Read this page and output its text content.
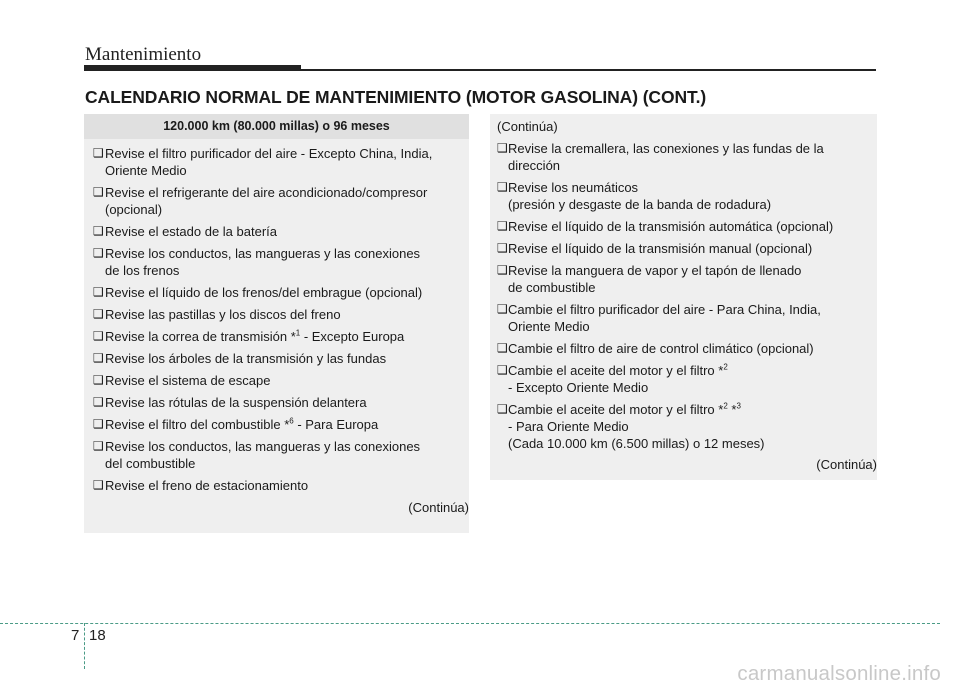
Mantenimiento
CALENDARIO NORMAL DE MANTENIMIENTO (MOTOR GASOLINA) (CONT.)
120.000 km (80.000 millas) o 96 meses
❑ Revise el filtro purificador del aire - Excepto China, India,
Oriente Medio
❑ Revise el refrigerante del aire acondicionado/compresor
(opcional)
❑ Revise el estado de la batería
❑ Revise los conductos, las mangueras y las conexiones
de los frenos
❑ Revise el líquido de los frenos/del embrague (opcional)
❑ Revise las pastillas y los discos del freno
❑ Revise la correa de transmisión *$^1$ - Excepto Europa
❑ Revise los árboles de la transmisión y las fundas
❑ Revise el sistema de escape
❑ Revise las rótulas de la suspensión delantera
❑ Revise el filtro del combustible *$^6$ - Para Europa
❑ Revise los conductos, las mangueras y las conexiones
del combustible
❑ Revise el freno de estacionamiento
(Continúa)
(Continúa)
❑ Revise la cremallera, las conexiones y las fundas de la
dirección
❑ Revise los neumáticos
(presión y desgaste de la banda de rodadura)
❑ Revise el líquido de la transmisión automática (opcional)
❑ Revise el líquido de la transmisión manual (opcional)
❑ Revise la manguera de vapor y el tapón de llenado
de combustible
❑ Cambie el filtro purificador del aire - Para China, India,
Oriente Medio
❑ Cambie el filtro de aire de control climático (opcional)
❑ Cambie el aceite del motor y el filtro *$^2$
- Excepto Oriente Medio
❑ Cambie el aceite del motor y el filtro *$^2$ *$^3$
- Para Oriente Medio
(Cada 10.000 km (6.500 millas) o 12 meses)
(Continúa)
7 18
carmanualsonline.info
